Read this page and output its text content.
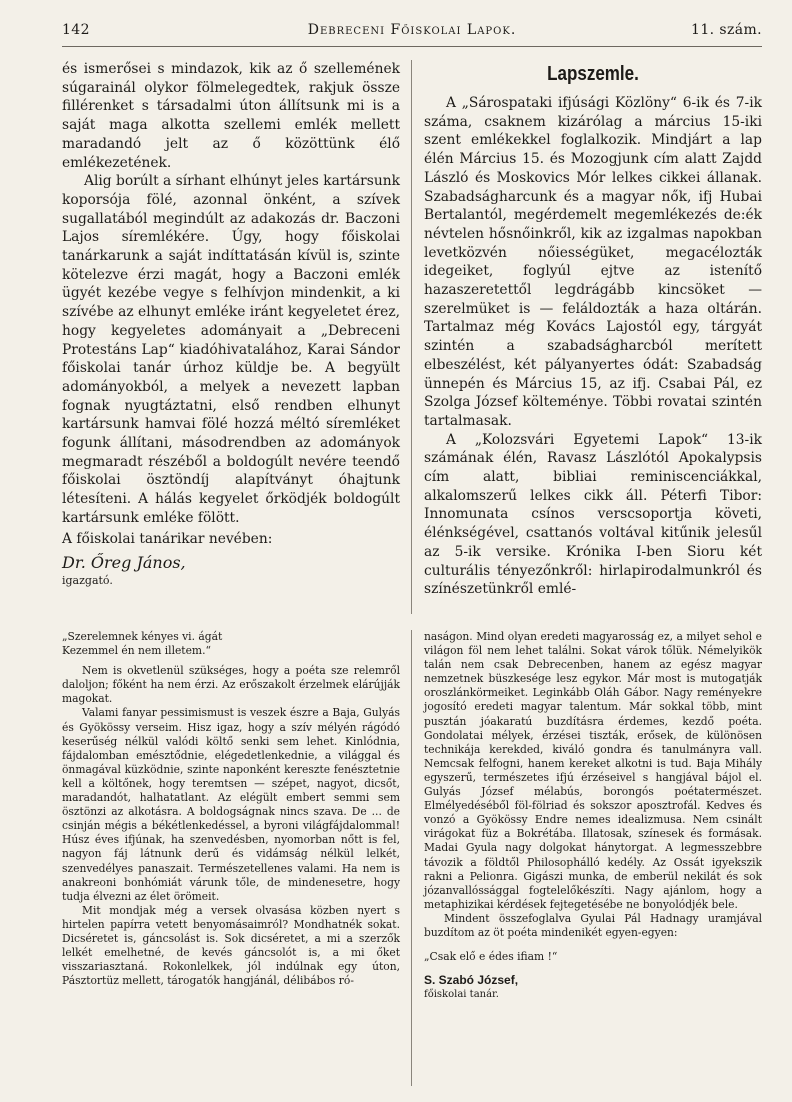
142	Debreceni Főiskolai Lapok.	11. szám.

és ismerősei s mindazok, kik az ő szellemének súgarainál olykor fölmelegedtek, rakjuk össze fillérenket s társadalmi úton állítsunk mi is a saját maga alkotta szellemi emlék mellett maradandó jelt az ő közöttünk élő emlékezetének.

Alig borúlt a sírhant elhúnyt jeles kartársunk koporsója fölé, azonnal önként, a szívek sugallatából megindúlt az adakozás dr. Baczoni Lajos síremlékére. Úgy, hogy főiskolai tanárkarunk a saját indíttatásán kívül is, szinte kötelezve érzi magát, hogy a Baczoni emlék ügyét kezébe vegye s felhívjon mindenkit, a ki szívébe az elhunyt emléke iránt kegyeletet érez, hogy kegyeletes adományait a „Debreceni Protestáns Lap“ kiadóhivatalához, Karai Sándor főiskolai tanár úrhoz küldje be. A begyült adományokból, a melyek a nevezett lapban fognak nyugtáztatni, első rendben elhunyt kartársunk hamvai fölé hozzá méltó síremléket fogunk állítani, másodrendben az adományok megmaradt részéből a boldogúlt nevére teendő főiskolai ösztöndíj alapítványt óhajtunk létesíteni. A hálás kegyelet őrködjék boldogúlt kartársunk emléke fölött.

A főiskolai tanárikar nevében:

Dr. Őreg János,

igazgató.

Lapszemle.

A „Sárospataki ifjúsági Közlöny“ 6-ik és 7-ik száma, csaknem kizárólag a március 15-iki szent emlékekkel foglalkozik. Mindjárt a lap élén Március 15. és Mozogjunk cím alatt Zajdd László és Moskovics Mór lelkes cikkei állanak. Szabadságharcunk és a magyar nők, ifj Hubai Bertalantól, megérdemelt megemlékezés de:ék névtelen hősnőinkről, kik az izgalmas napokban levetközvén nőiességüket, megacélozták idegeiket, foglyúl ejtve az istenítő hazaszeretettől legdrágább kincsöket — szerelmüket is — feláldozták a haza oltárán. Tartalmaz még Kovács Lajostól egy, tárgyát szintén a szabadságharcból merített elbeszélést, két pályanyertes ódát: Szabadság ünnepén és Március 15, az ifj. Csabai Pál, ez Szolga József költeménye. Többi rovatai szintén tartalmasak.

A „Kolozsvári Egyetemi Lapok“ 13-ik számának élén, Ravasz Lászlótól Apokalypsis cím alatt, bibliai reminiscenciákkal, alkalomszerű lelkes cikk áll. Péterfi Tibor: Innomunata csínos verscsoportja követi, élénkségével, csattanós voltával kitűnik jelesűl az 5-ik versike. Krónika I-ben Sioru két culturális tényezőnkről: hirlapirodalmunkról és színészetünkről emlé-

„Szerelemnek kényes vi. ágát

Kezemmel én nem illetem.“

Nem is okvetlenül szükséges, hogy a poéta sze relemről daloljon; főként ha nem érzi. Az erőszakolt érzelmek elárújják magokat.

Valami fanyar pessimismust is veszek észre a Baja, Gulyás és Gyökössy verseim. Hisz igaz, hogy a szív mélyén rágódó keserűség nélkül valódi költő senki sem lehet. Kinlódnia, fájdalomban emésztődnie, elégedetlenkednie, a világgal és önmagával küzködnie, szinte naponként kereszte fenésztetnie kell a költőnek, hogy teremtsen — szépet, nagyot, dicsőt, maradandót, halhatatlant. Az elégült embert semmi sem ösztönzi az alkotásra. A boldogságnak nincs szava. De ... de csinján mégis a békétlenkedéssel, a byroni világfájdalommal! Húsz éves ifjúnak, ha szenvedésben, nyomorban nőtt is fel, nagyon fáj látnunk derű és vidámság nélkül lelkét, szenvedélyes panaszait. Természetellenes valami. Ha nem is anakreoni bonhómiát várunk tőle, de mindenesetre, hogy tudja élvezni az élet örömeit.

Mit mondjak még a versek olvasása közben nyert s hirtelen papírra vetett benyomásaimról? Mondhatnék sokat. Dicséretet is, gáncsolást is. Sok dicséretet, a mi a szerzők lelkét emelhetné, de kevés gáncsolót is, a mi őket visszariasztaná. Rokonlelkek, jól indúlnak egy úton, Pásztortüz mellett, tárogatók hangjánál, délibábos ró-

naságon. Mind olyan eredeti magyarosság ez, a milyet sehol e világon föl nem lehet találni. Sokat várok tőlük. Némelyikök talán nem csak Debrecenben, hanem az egész magyar nemzetnek büszkesége lesz egykor. Már most is mutogatják oroszlánkörmeiket. Leginkább Oláh Gábor. Nagy reményekre jogosító eredeti magyar talentum. Már sokkal több, mint pusztán jóakaratú buzdításra érdemes, kezdő poéta. Gondolatai mélyek, érzései tiszták, erősek, de különösen technikája kerekded, kiváló gondra és tanulmányra vall. Nemcsak felfogni, hanem kereket alkotni is tud. Baja Mihály egyszerű, természetes ifjú érzéseivel s hangjával bájol el. Gulyás József mélabús, borongós poétatermészet. Elmélyedéséből föl-fölriad és sokszor aposztrofál. Kedves és vonzó a Gyökössy Endre nemes idealizmusa. Nem csinált virágokat füz a Bokrétába. Illatosak, színesek és formásak. Madai Gyula nagy dolgokat hánytorgat. A legmesszebbre távozik a földtől Philosophálló kedély. Az Ossát igyekszik rakni a Pelionra. Gigászi munka, de emberül nekilát és sok józanvallóssággal fogtelelőkészíti. Nagy ajánlom, hogy a metaphizikai kérdések fejtegetésébe ne bonyolódjék bele.

Mindent összefoglalva Gyulai Pál Hadnagy uramjával buzdítom az öt poéta mindenikét egyen-egyen:

„Csak elő e édes ifiam !“

S. Szabó József,

főiskolai tanár.
